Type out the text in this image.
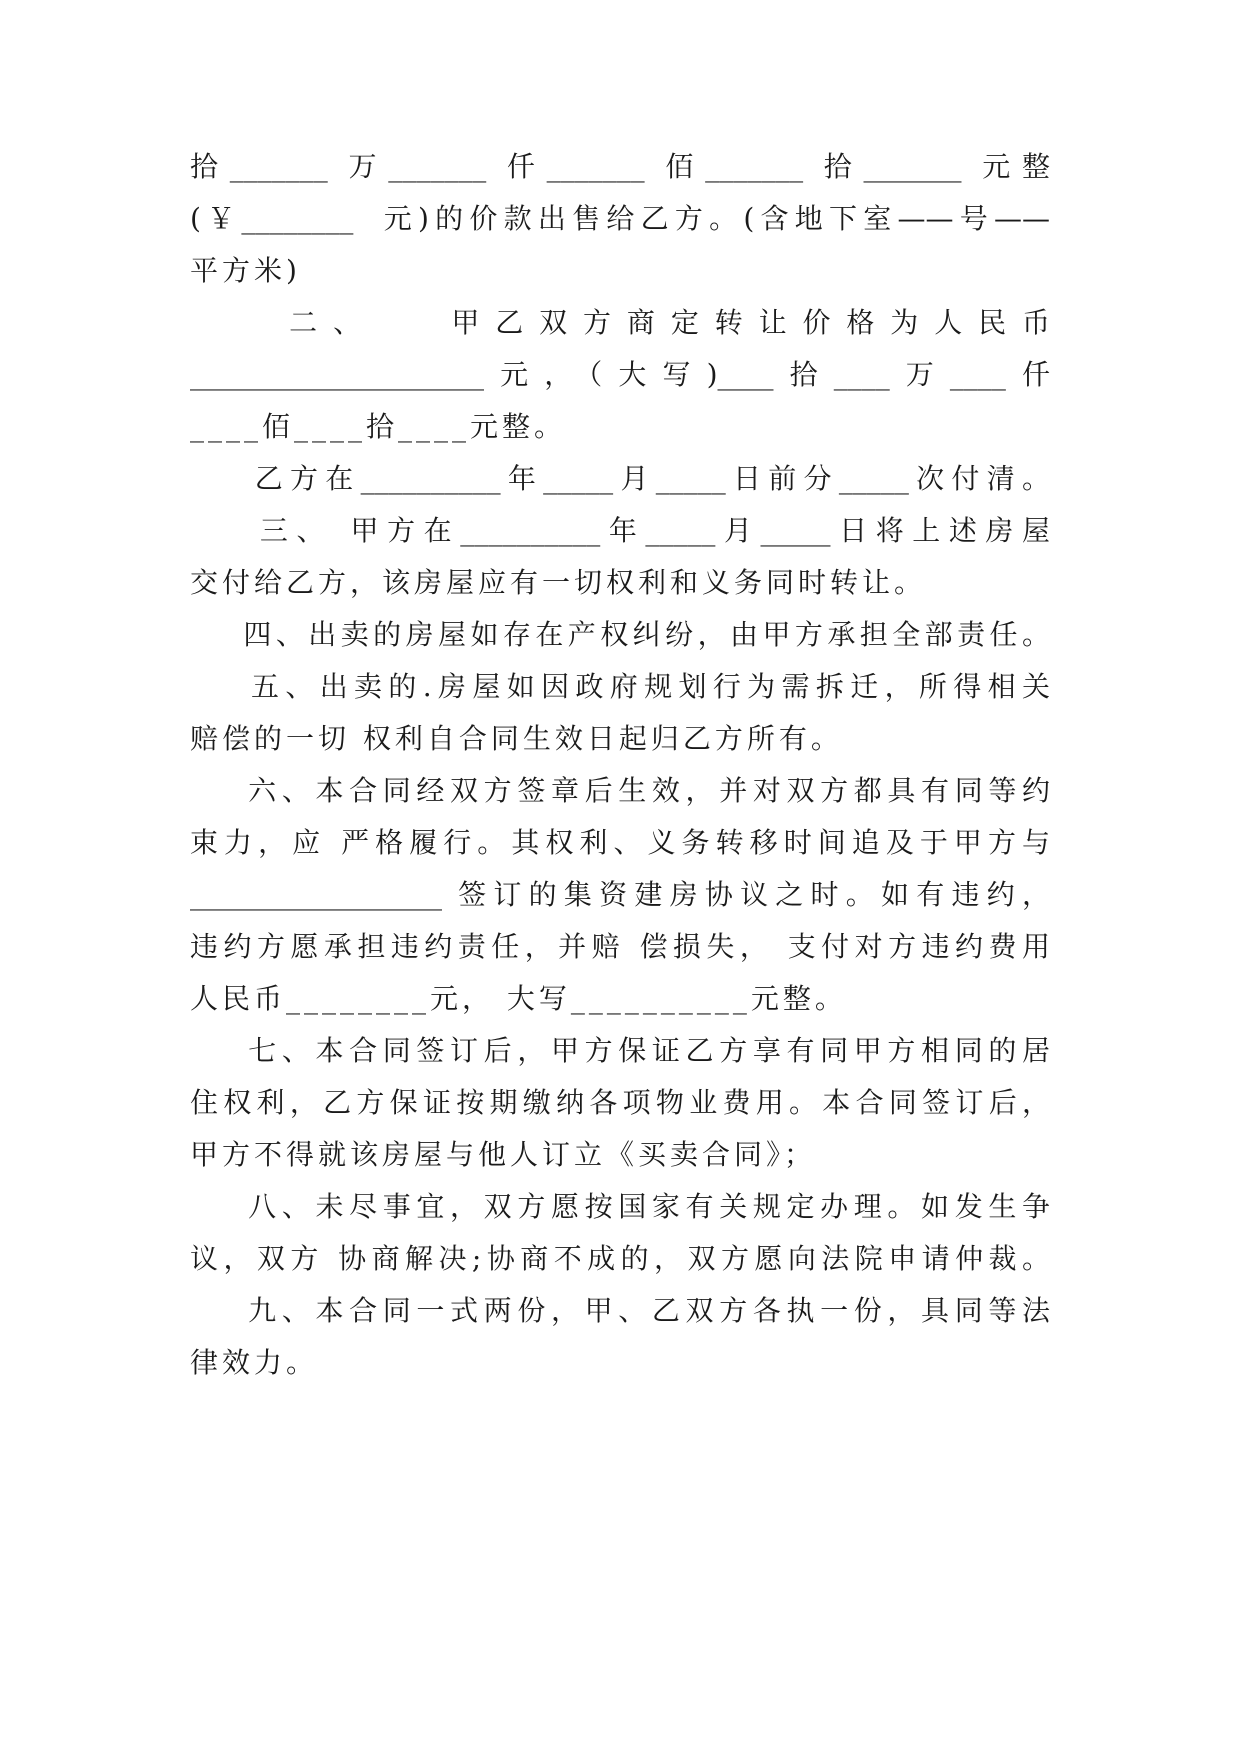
拾_______ 万_______ 仟_______ 佰_______ 拾_______ 元整
(￥________  元)的价款出售给乙方。(含地下室——号——
平方米)
二、   甲乙双方商定转让价格为人民币
_____________________元，（大写)____拾____万____仟
____佰____拾____元整。
乙方在__________年_____月_____日前分_____次付清。
三、 甲方在__________年_____月_____日将上述房屋
交付给乙方，该房屋应有一切权利和义务同时转让。
四、出卖的房屋如存在产权纠纷，由甲方承担全部责任。
五、出卖的.房屋如因政府规划行为需拆迁，所得相关
赔偿的一切 权利自合同生效日起归乙方所有。
六、本合同经双方签章后生效，并对双方都具有同等约
束力，应 严格履行。其权利、义务转移时间追及于甲方与
__________________ 签订的集资建房协议之时。如有违约，
违约方愿承担违约责任，并赔 偿损失， 支付对方违约费用
人民币________元， 大写__________元整。
七、本合同签订后，甲方保证乙方享有同甲方相同的居
住权利，乙方保证按期缴纳各项物业费用。本合同签订后，
甲方不得就该房屋与他人订立《买卖合同》；
八、未尽事宜，双方愿按国家有关规定办理。如发生争
议，双方 协商解决;协商不成的，双方愿向法院申请仲裁。
九、本合同一式两份，甲、乙双方各执一份，具同等法
律效力。
